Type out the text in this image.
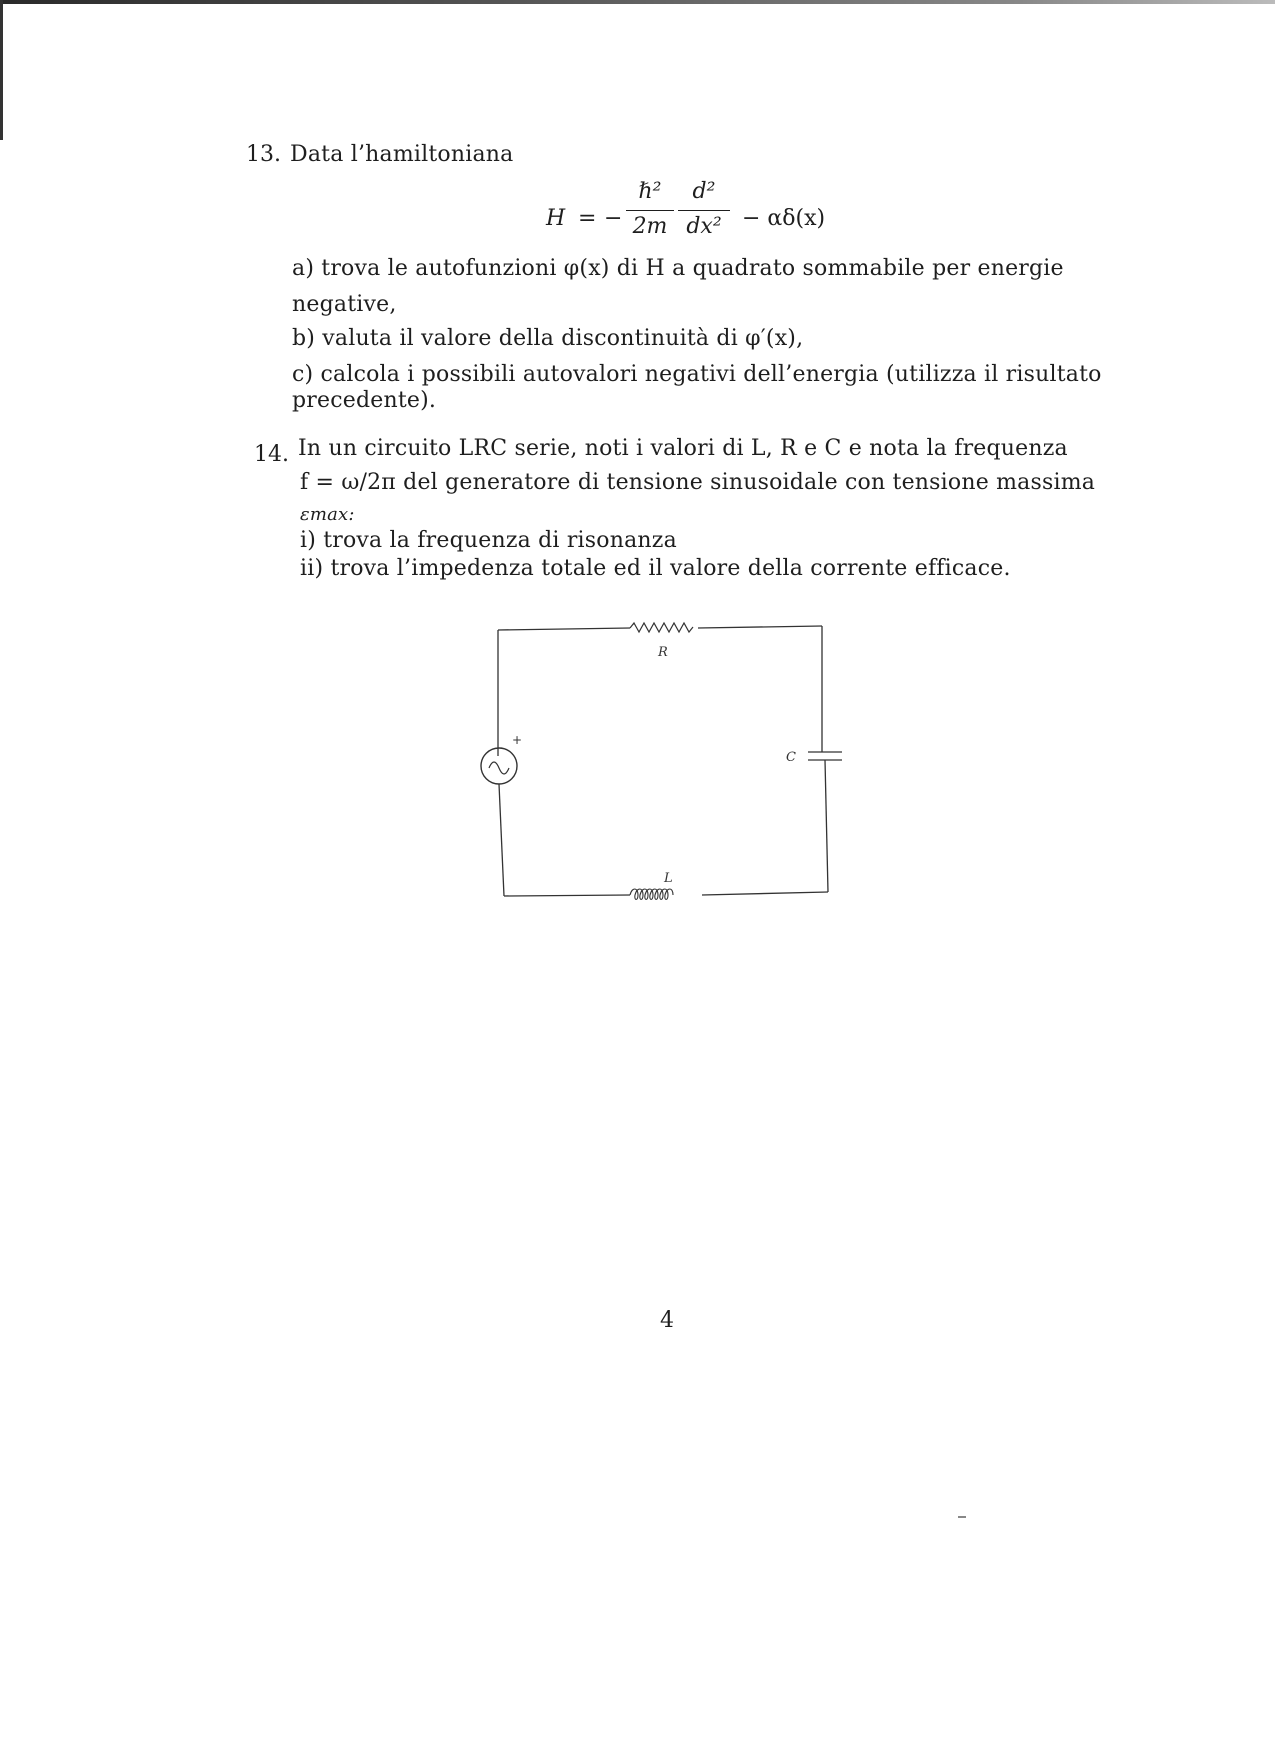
13. Data l’hamiltoniana
H = −
ℏ²
2m
d²
dx² − αδ(x)
a) trova le autofunzioni φ(x) di H a quadrato sommabile per energie
negative,
b) valuta il valore della discontinuità di φ′(x),
c) calcola i possibili autovalori negativi dell’energia (utilizza il risultato
precedente).
14. In un circuito LRC serie, noti i valori di L, R e C e nota la frequenza
f = ω/2π del generatore di tensione sinusoidale con tensione massima
εmax:
i) trova la frequenza di risonanza
ii) trova l’impedenza totale ed il valore della corrente efficace.
R
+
C
L
4
